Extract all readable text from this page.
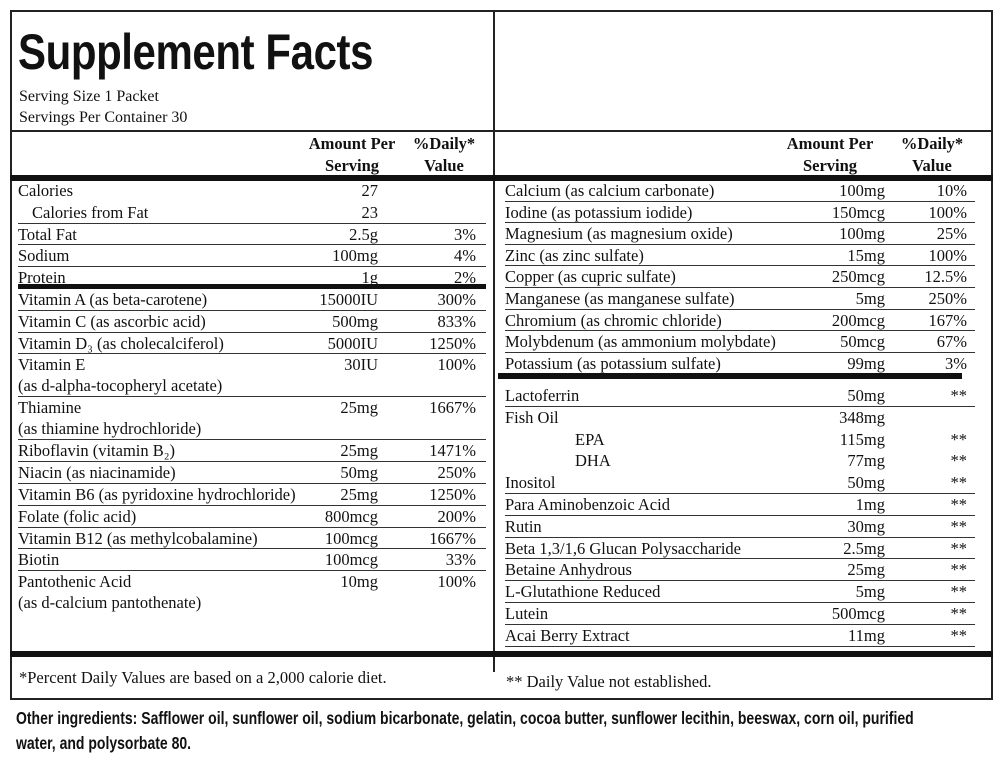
Supplement Facts
Serving Size 1 Packet
Servings Per Container 30
Amount Per
Serving
%Daily*
Value
Amount Per
Serving
%Daily*
Value
Calories	27
Calories from Fat	23
Total Fat	2.5g	3%
Sodium	100mg	4%
Protein	1g	2%
Vitamin A (as beta-carotene)	15000IU	300%
Vitamin C (as ascorbic acid)	500mg	833%
Vitamin D₃ (as cholecalciferol)	5000IU	1250%
Vitamin E
(as d-alpha-tocopheryl acetate)
30IU	100%
Thiamine
(as thiamine hydrochloride)
25mg	1667%
Riboflavin (vitamin B₂)	25mg	1471%
Niacin (as niacinamide)	50mg	250%
Vitamin B6 (as pyridoxine hydrochloride)	25mg	1250%
Folate (folic acid)	800mcg	200%
Vitamin B12 (as methylcobalamine)	100mcg	1667%
Biotin	100mcg	33%
Pantothenic Acid
(as d-calcium pantothenate)
10mg	100%
Calcium (as calcium carbonate)	100mg	10%
Iodine (as potassium iodide)	150mcg	100%
Magnesium (as magnesium oxide)	100mg	25%
Zinc (as zinc sulfate)	15mg	100%
Copper (as cupric sulfate)	250mcg 12.5%
Manganese (as manganese sulfate)	5mg	250%
Chromium (as chromic chloride)	200mcg	167%
Molybdenum (as ammonium molybdate)	50mcg	67%
Potassium (as potassium sulfate)	99mg	3%
Lactoferrin	50mg	**
Fish Oil	348mg
EPA	115mg	**
DHA	77mg	**
Inositol	50mg	**
Para Aminobenzoic Acid	1mg	**
Rutin	30mg	**
Beta 1,3/1,6 Glucan Polysaccharide	2.5mg	**
Betaine Anhydrous	25mg	**
L-Glutathione Reduced	5mg	**
Lutein	500mcg	**
Acai Berry Extract	11mg	**
*Percent Daily Values are based on a 2,000 calorie diet.	** Daily Value not established.
Other ingredients: Safflower oil, sunflower oil, sodium bicarbonate, gelatin, cocoa butter, sunflower lecithin, beeswax, corn oil, purified water, and polysorbate 80.
